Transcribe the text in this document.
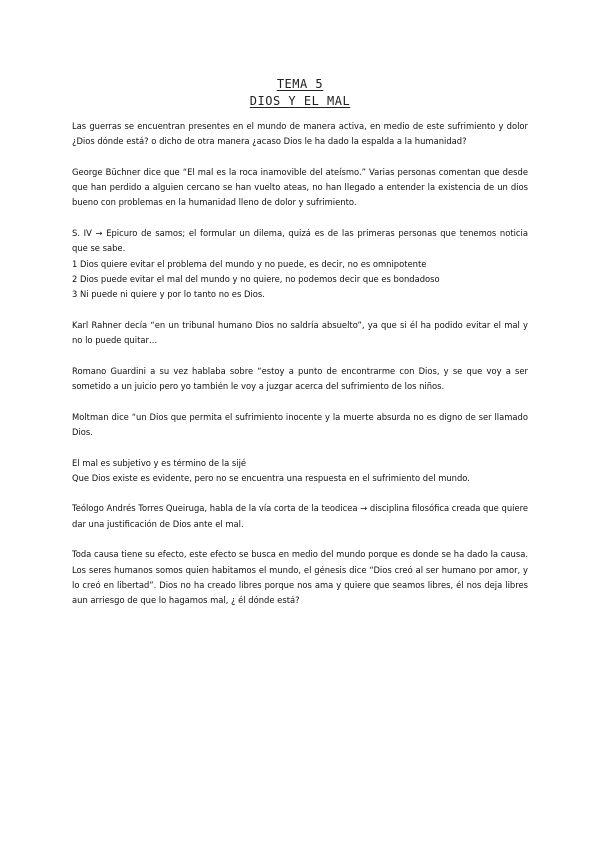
TEMA 5
DIOS Y EL MAL

Las guerras se encuentran presentes en el mundo de manera activa, en medio de este sufrimiento y dolor ¿Dios dónde está? o dicho de otra manera ¿acaso Dios le ha dado la espalda a la humanidad?

George Büchner dice que “El mal es la roca inamovible del ateísmo.” Varias personas comentan que desde que han perdido a alguien cercano se han vuelto ateas, no han llegado a entender la existencia de un dios bueno con problemas en la humanidad lleno de dolor y sufrimiento.

S. IV → Epicuro de samos; el formular un dilema, quizá es de las primeras personas que tenemos noticia que se sabe.
1 Dios quiere evitar el problema del mundo y no puede, es decir, no es omnipotente
2 Dios puede evitar el mal del mundo y no quiere, no podemos decir que es bondadoso
3 Ni puede ni quiere y por lo tanto no es Dios.

Karl Rahner decía “en un tribunal humano Dios no saldría absuelto”, ya que si él ha podido evitar el mal y no lo puede quitar…

Romano Guardini a su vez hablaba sobre “estoy a punto de encontrarme con Dios, y se que voy a ser sometido a un juicio pero yo también le voy a juzgar acerca del sufrimiento de los niños.

Moltman dice “un Dios que permita el sufrimiento inocente y la muerte absurda no es digno de ser llamado Dios.

El mal es subjetivo y es término de la sijé
Que Dios existe es evidente, pero no se encuentra una respuesta en el sufrimiento del mundo.

Teólogo Andrés Torres Queiruga, habla de la vía corta de la teodicea → disciplina filosófica creada que quiere dar una justificación de Dios ante el mal.

Toda causa tiene su efecto, este efecto se busca en medio del mundo porque es donde se ha dado la causa. Los seres humanos somos quien habitamos el mundo, el génesis dice “Dios creó al ser humano por amor, y lo creó en libertad”. Dios no ha creado libres porque nos ama y quiere que seamos libres, él nos deja libres aun arriesgo de que lo hagamos mal, ¿ él dónde está?
